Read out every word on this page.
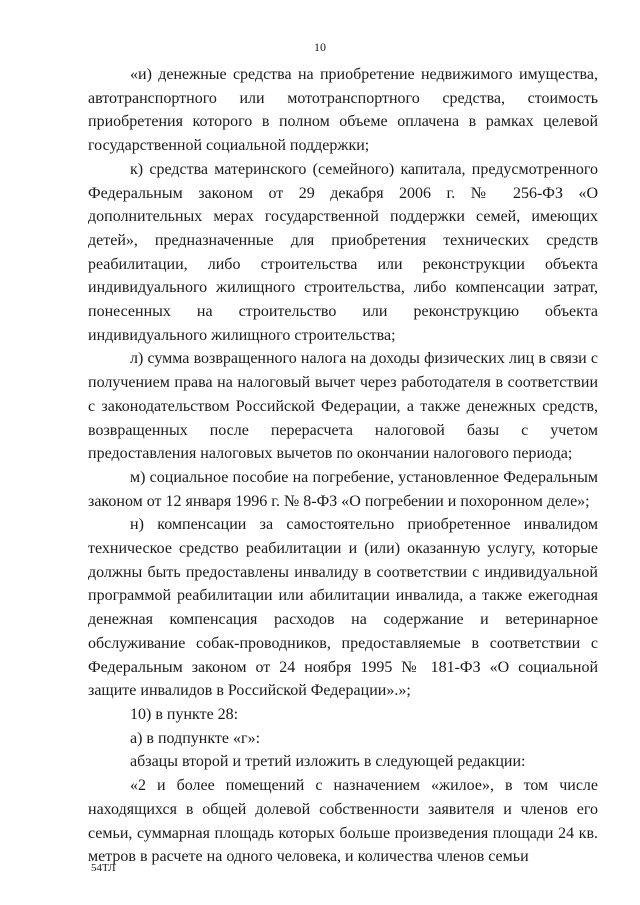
10

«и) денежные средства на приобретение недвижимого имущества, автотранспортного или мототранспортного средства, стоимость приобретения которого в полном объеме оплачена в рамках целевой государственной социальной поддержки;

к) средства материнского (семейного) капитала, предусмотренного Федеральным законом от 29 декабря 2006 г. № 256-ФЗ «О дополнительных мерах государственной поддержки семей, имеющих детей», предназначенные для приобретения технических средств реабилитации, либо строительства или реконструкции объекта индивидуального жилищного строительства, либо компенсации затрат, понесенных на строительство или реконструкцию объекта индивидуального жилищного строительства;

л) сумма возвращенного налога на доходы физических лиц в связи с получением права на налоговый вычет через работодателя в соответствии с законодательством Российской Федерации, а также денежных средств, возвращенных после перерасчета налоговой базы с учетом предоставления налоговых вычетов по окончании налогового периода;

м) социальное пособие на погребение, установленное Федеральным законом от 12 января 1996 г. № 8-ФЗ «О погребении и похоронном деле»;

н) компенсации за самостоятельно приобретенное инвалидом техническое средство реабилитации и (или) оказанную услугу, которые должны быть предоставлены инвалиду в соответствии с индивидуальной программой реабилитации или абилитации инвалида, а также ежегодная денежная компенсация расходов на содержание и ветеринарное обслуживание собак-проводников, предоставляемые в соответствии с Федеральным законом от 24 ноября 1995 № 181-ФЗ «О социальной защите инвалидов в Российской Федерации».»;

10) в пункте 28:

а) в подпункте «г»:

абзацы второй и третий изложить в следующей редакции:

«2 и более помещений с назначением «жилое», в том числе находящихся в общей долевой собственности заявителя и членов его семьи, суммарная площадь которых больше произведения площади 24 кв. метров в расчете на одного человека, и количества членов семьи

54ТЛ
